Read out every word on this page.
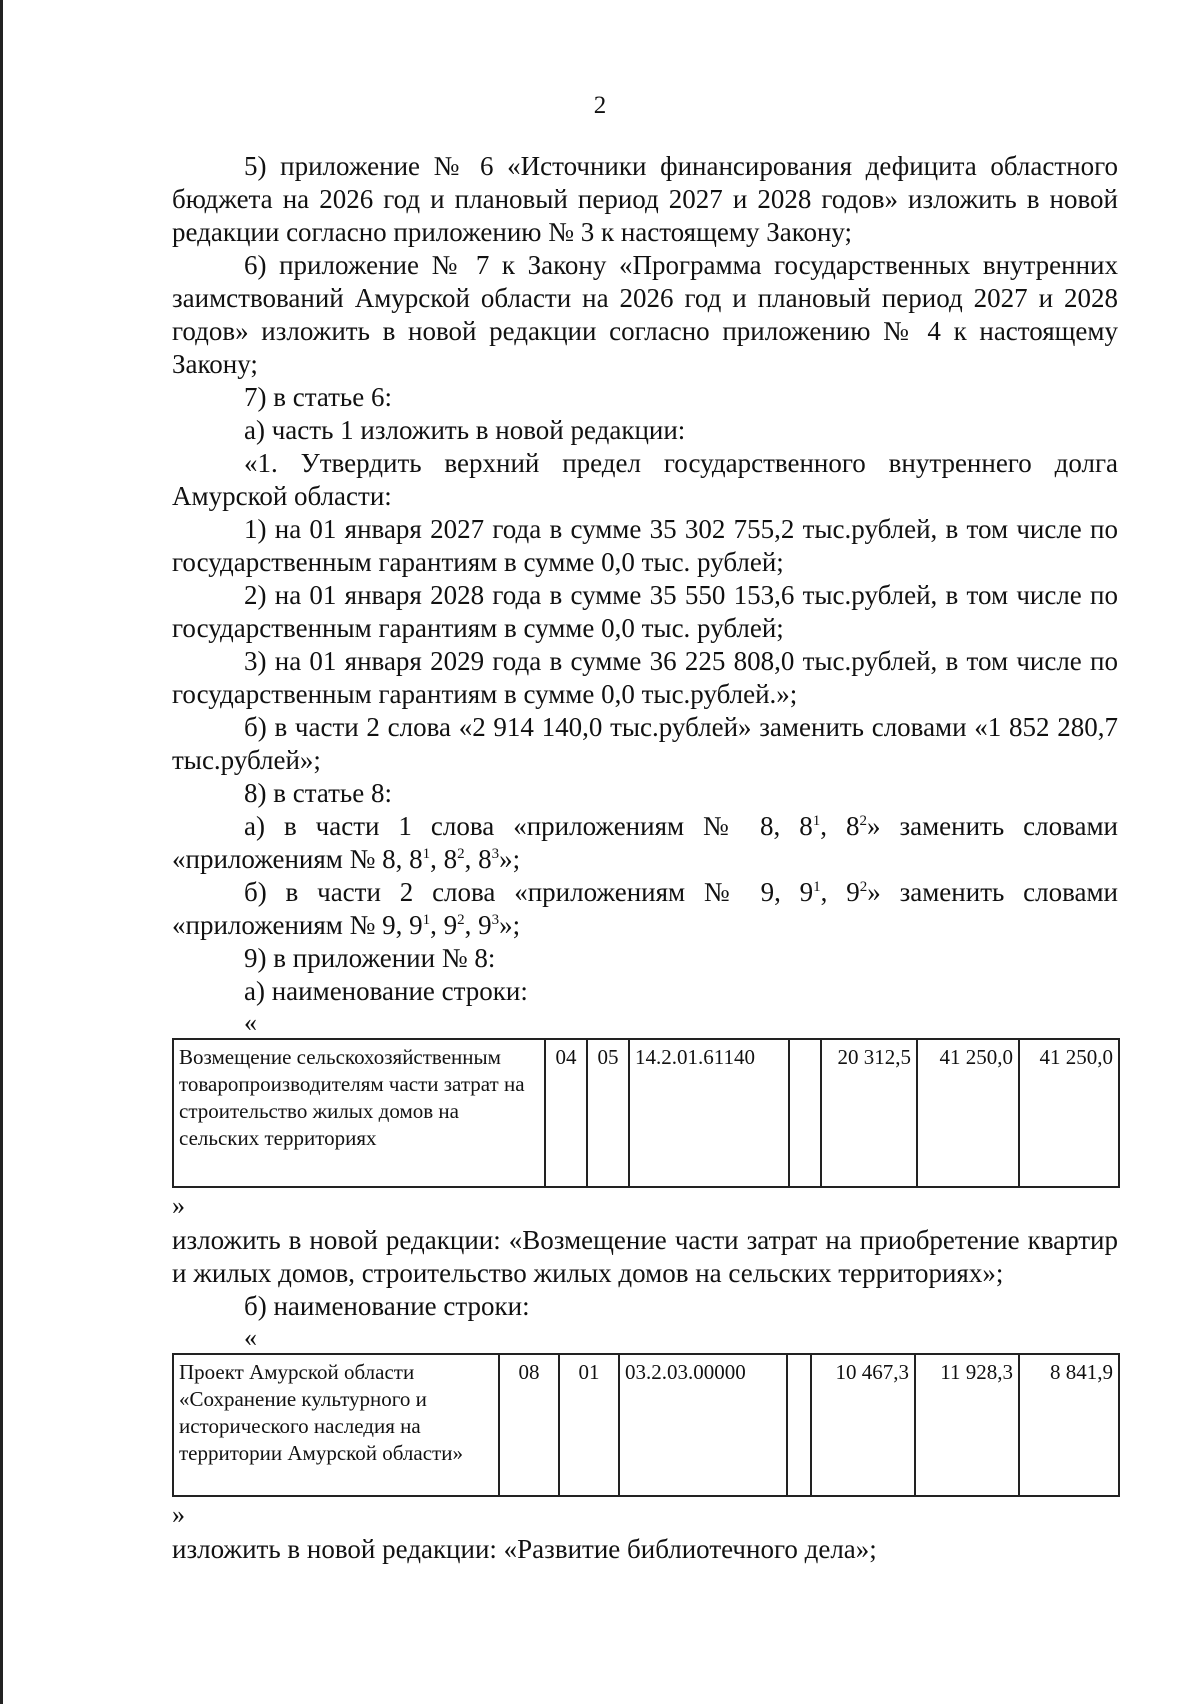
2

5) приложение № 6 «Источники финансирования дефицита областного бюджета на 2026 год и плановый период 2027 и 2028 годов» изложить в новой редакции согласно приложению № 3 к настоящему Закону;

6) приложение № 7 к Закону «Программа государственных внутренних заимствований Амурской области на 2026 год и плановый период 2027 и 2028 годов» изложить в новой редакции согласно приложению № 4 к настоящему Закону;

7) в статье 6:

а) часть 1 изложить в новой редакции:

«1. Утвердить верхний предел государственного внутреннего долга Амурской области:

1) на 01 января 2027 года в сумме 35 302 755,2 тыс.рублей, в том числе по государственным гарантиям в сумме 0,0 тыс. рублей;

2) на 01 января 2028 года в сумме 35 550 153,6 тыс.рублей, в том числе по государственным гарантиям в сумме 0,0 тыс. рублей;

3) на 01 января 2029 года в сумме 36 225 808,0 тыс.рублей, в том числе по государственным гарантиям в сумме 0,0 тыс.рублей.»;

б) в части 2 слова «2 914 140,0 тыс.рублей» заменить словами «1 852 280,7 тыс.рублей»;

8) в статье 8:

а) в части 1 слова «приложениям № 8, $8^1$, $8^2$» заменить словами «приложениям № 8, $8^1$, $8^2$, $8^3$»;

б) в части 2 слова «приложениям № 9, $9^1$, $9^2$» заменить словами «приложениям № 9, $9^1$, $9^2$, $9^3$»;

9) в приложении № 8:

а) наименование строки:

«

Возмещение сельскохозяйственным товаропроизводителям части затрат на строительство жилых домов на сельских территориях	04	05	14.2.01.61140		20 312,5	41 250,0	41 250,0

»

изложить в новой редакции: «Возмещение части затрат на приобретение квартир и жилых домов, строительство жилых домов на сельских территориях»;

б) наименование строки:

«

Проект Амурской области «Сохранение культурного и исторического наследия на территории Амурской области»	08	01	03.2.03.00000		10 467,3	11 928,3	8 841,9

»

изложить в новой редакции: «Развитие библиотечного дела»;
